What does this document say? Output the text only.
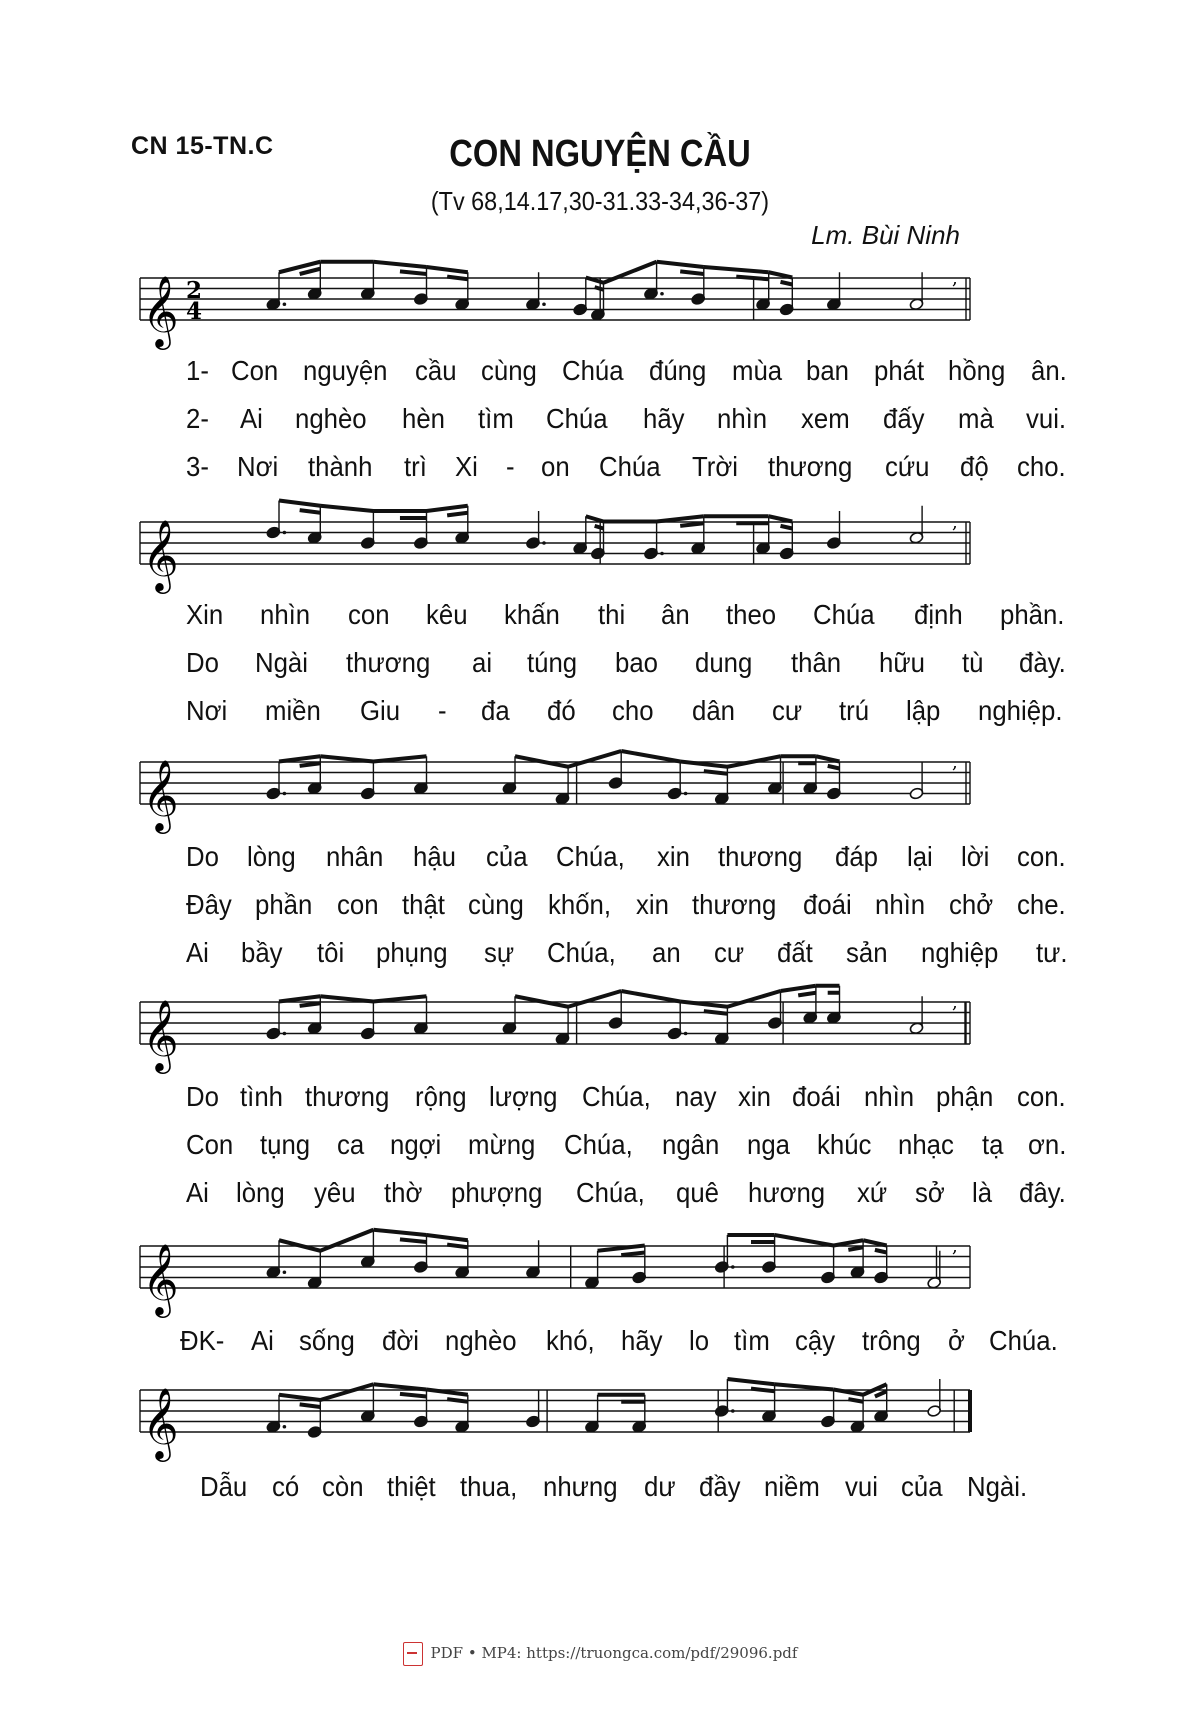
CN 15-TN.C	CON NGUYỆN CẦU
(Tv 68,14.17,30-31.33-34,36-37)
Lm. Bùi Ninh
𝄞 2
4
,
𝄞	,
𝄞	,
𝄞	,
𝄞	,
𝄞
1- Con nguyện cầu cùng Chúa đúng mùa ban phát hồng ân.
2- Ai nghèo hèn tìm Chúa hãy nhìn xem đấy mà vui.
3- Nơi thành trì Xi - on Chúa Trời thương cứu độ cho.
Xin nhìn con kêu khấn thi ân theo Chúa định phần.
Do Ngài thương ai túng bao dung thân hữu tù đày.
Nơi miền Giu - đa đó cho dân cư trú lập nghiệp.
Do lòng nhân hậu của Chúa, xin thương đáp lại lời con.
Đây phần con thật cùng khốn, xin thương đoái nhìn chở che.
Ai bầy tôi phụng sự Chúa, an cư đất sản nghiệp tư.
Do tình thương rộng lượng Chúa, nay xin đoái nhìn phận con.
Con tụng ca ngợi mừng Chúa, ngân nga khúc nhạc tạ ơn.
Ai lòng yêu thờ phượng Chúa, quê hương xứ sở là đây.
ĐK- Ai sống đời nghèo khó, hãy lo tìm cậy trông ở Chúa.
Dẫu có còn thiệt thua, nhưng dư đầy niềm vui của Ngài.
PDF • MP4: https://truongca.com/pdf/29096.pdf
